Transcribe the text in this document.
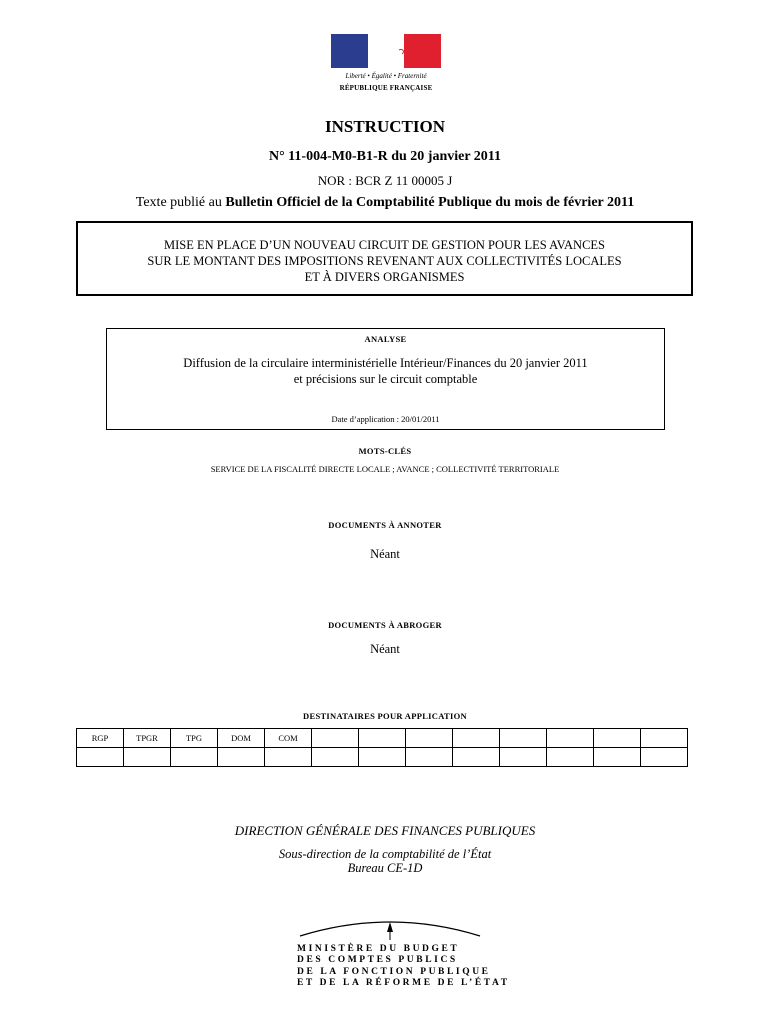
Liberté • Égalité • Fraternité
RÉPUBLIQUE FRANÇAISE
INSTRUCTION
N° 11-004-M0-B1-R du 20 janvier 2011
NOR : BCR Z 11 00005 J
Texte publié au Bulletin Officiel de la Comptabilité Publique du mois de février 2011
MISE EN PLACE D’UN NOUVEAU CIRCUIT DE GESTION POUR LES AVANCES
SUR LE MONTANT DES IMPOSITIONS REVENANT AUX COLLECTIVITÉS LOCALES
ET À DIVERS ORGANISMES
ANALYSE
Diffusion de la circulaire interministérielle Intérieur/Finances du 20 janvier 2011
et précisions sur le circuit comptable
Date d’application : 20/01/2011
MOTS-CLÉS
SERVICE DE LA FISCALITÉ DIRECTE LOCALE ; AVANCE ; COLLECTIVITÉ TERRITORIALE
DOCUMENTS À ANNOTER
Néant
DOCUMENTS À ABROGER
Néant
DESTINATAIRES POUR APPLICATION
RGP	TPGR	TPG	DOM	COM								

DIRECTION GÉNÉRALE DES FINANCES PUBLIQUES
Sous-direction de la comptabilité de l’État
Bureau CE-1D
MINISTÈRE DU BUDGET
DES COMPTES PUBLICS
DE LA FONCTION PUBLIQUE
ET DE LA RÉFORME DE L’ÉTAT
